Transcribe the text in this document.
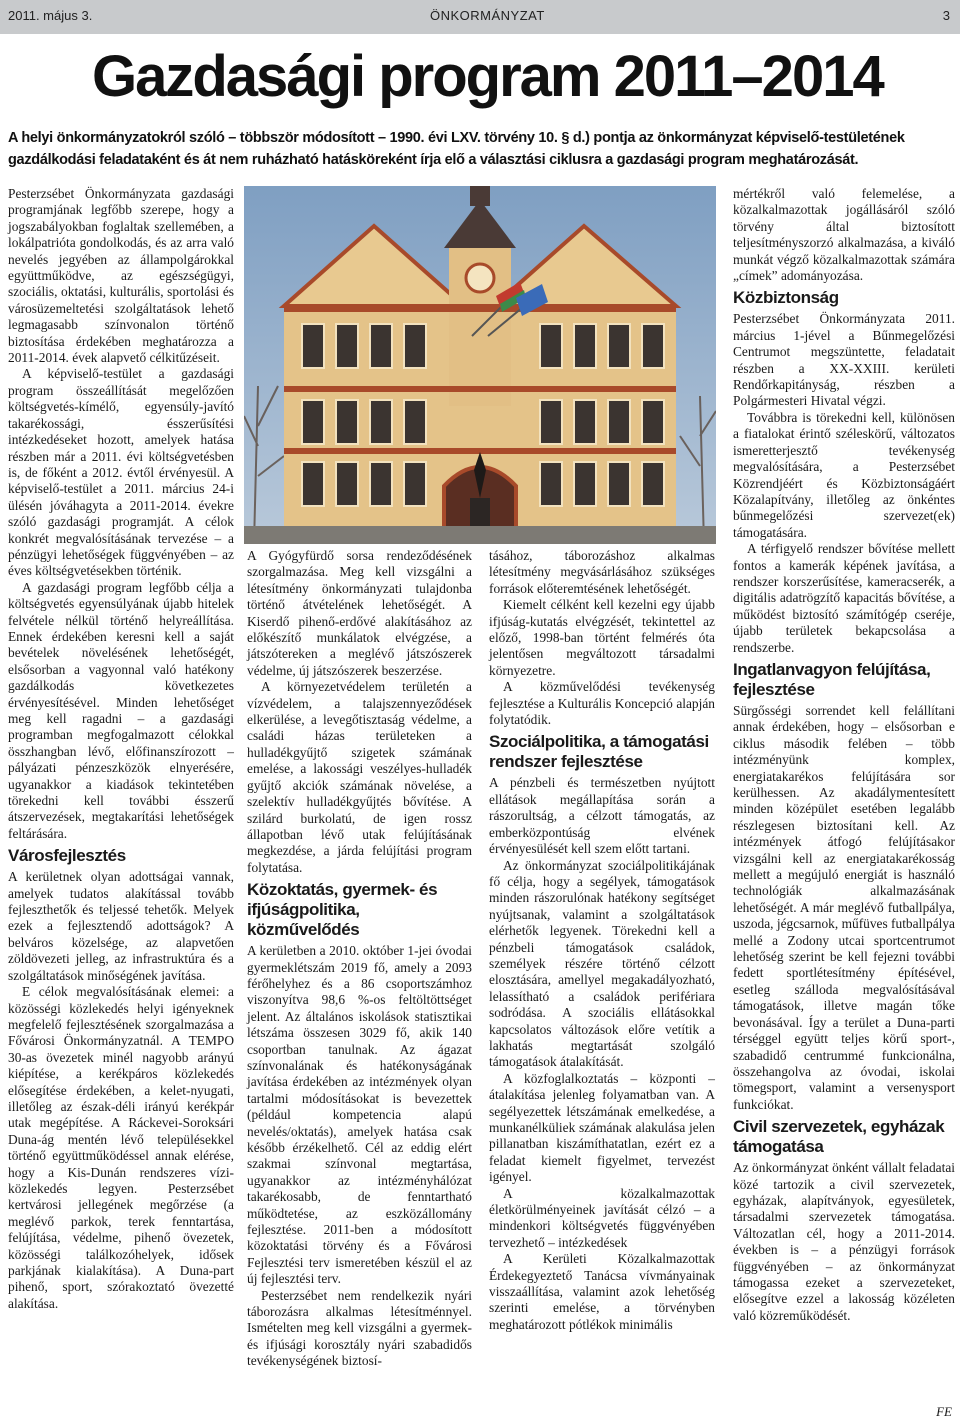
2011. május 3.	ÖNKORMÁNYZAT	3
Gazdasági program 2011–2014

A helyi önkormányzatokról szóló – többször módosított – 1990. évi LXV. törvény 10. § d.) pontja az önkormányzat képviselő-testületének gazdálkodási feladataként és át nem ruházható hatásköreként írja elő a választási ciklusra a gazdasági program meghatározását.

Pesterzsébet Önkormányzata gazdasági programjának legfőbb szerepe, hogy a jogszabályokban foglaltak szellemében, a lokálpatrióta gondolkodás, és az arra való nevelés jegyében az állampolgárokkal együttműködve, az egészségügyi, szociális, oktatási, kulturális, sportolási és városüzemeltetési szolgáltatások lehető legmagasabb színvonalon történő biztosítása érdekében meghatározza a 2011-2014. évek alapvető célkitűzéseit.

A képviselő-testület a gazdasági program összeállítását megelőzően költségvetés-kímélő, egyensúly-javító takarékossági, ésszerűsítési intézkedéseket hozott, amelyek hatása részben már a 2011. évi költségvetésben is, de főként a 2012. évtől érvényesül. A képviselő-testület a 2011. március 24-i ülésén jóváhagyta a 2011-2014. évekre szóló gazdasági programját. A célok konkrét megvalósításának tervezése – a pénzügyi lehetőségek függvényében – az éves költségvetésekben történik.

A gazdasági program legfőbb célja a költségvetés egyensúlyának újabb hitelek felvétele nélkül történő helyreállítása. Ennek érdekében keresni kell a saját bevételek növelésének lehetőségét, elsősorban a vagyonnal való hatékony gazdálkodás következetes érvényesítésével. Minden lehetőséget meg kell ragadni – a gazdasági programban megfogalmazott célokkal összhangban lévő, előfinanszírozott – pályázati pénzeszközök elnyerésére, ugyanakkor a kiadások tekintetében törekedni kell további ésszerű átszervezések, megtakarítási lehetőségek feltárására.

Városfejlesztés

A kerületnek olyan adottságai vannak, amelyek tudatos alakítással tovább fejleszthetők és teljessé tehetők. Melyek ezek a fejlesztendő adottságok? A belváros közelsége, az alapvetően zöldövezeti jelleg, az infrastruktúra és a szolgáltatások minőségének javítása.

E célok megvalósításának elemei: a közösségi közlekedés helyi igényeknek megfelelő fejlesztésének szorgalmazása a Fővárosi Önkormányzatnál. A TEMPO 30-as övezetek minél nagyobb arányú kiépítése, a kerékpáros közlekedés elősegítése érdekében, a kelet-nyugati, illetőleg az észak-déli irányú kerékpár utak megépítése. A Ráckevei-Soroksári Duna-ág mentén lévő településekkel történő együttműködéssel annak elérése, hogy a Kis-Dunán rendszeres vízi-közlekedés legyen. Pesterzsébet kertvárosi jellegének megőrzése (a meglévő parkok, terek fenntartása, felújítása, védelme, pihenő övezetek, közösségi találkozóhelyek, idősek parkjának kialakítása). A Duna-part pihenő, sport, szórakoztató övezetté alakítása.

A Gyógyfürdő sorsa rendeződésének szorgalmazása. Meg kell vizsgálni a létesítmény önkormányzati tulajdonba történő átvételének lehetőségét. A Kiserdő pihenő-erdővé alakításához az előkészítő munkálatok elvégzése, a játszótereken a meglévő játszószerek védelme, új játszószerek beszerzése.

A környezetvédelem területén a vízvédelem, a talajszennyeződések elkerülése, a levegőtisztaság védelme, a családi házas területeken a hulladékgyűjtő szigetek számának emelése, a lakossági veszélyes-hulladék gyűjtő akciók számának növelése, a szelektív hulladékgyűjtés bővítése. A szilárd burkolatú, de igen rossz állapotban lévő utak felújításának megkezdése, a járda felújítási program folytatása.

Közoktatás, gyermek- és ifjúságpolitika, közművelődés

A kerületben a 2010. október 1-jei óvodai gyermeklétszám 2019 fő, amely a 2093 férőhelyhez és a 86 csoportszámhoz viszonyítva 98,6 %-os feltöltöttséget jelent. Az általános iskolások statisztikai létszáma összesen 3029 fő, akik 140 csoportban tanulnak. Az ágazat színvonalának és hatékonyságának javítása érdekében az intézmények olyan tartalmi módosításokat is bevezettek (például kompetencia alapú nevelés/oktatás), amelyek hatása csak később érzékelhető. Cél az eddig elért szakmai színvonal megtartása, ugyanakkor az intézményhálózat takarékosabb, de fenntartható működtetése, az eszközállomány fejlesztése. 2011-ben a módosított közoktatási törvény és a Fővárosi Fejlesztési terv ismeretében készül el az új fejlesztési terv.

Pesterzsébet nem rendelkezik nyári táborozásra alkalmas létesítménnyel. Ismételten meg kell vizsgálni a gyermek- és ifjúsági korosztály nyári szabadidős tevékenységének biztosí-

tásához, táborozáshoz alkalmas létesítmény megvásárlásához szükséges források előteremtésének lehetőségét.

Kiemelt célként kell kezelni egy újabb ifjúság-kutatás elvégzését, tekintettel az előző, 1998-ban történt felmérés óta jelentősen megváltozott társadalmi környezetre.

A közművelődési tevékenység fejlesztése a Kulturális Koncepció alapján folytatódik.

Szociálpolitika, a támogatási rendszer fejlesztése

A pénzbeli és természetben nyújtott ellátások megállapítása során a rászorultság, a célzott támogatás, az emberközpontúság elvének érvényesülését kell szem előtt tartani.

Az önkormányzat szociálpolitikájának fő célja, hogy a segélyek, támogatások minden rászorulónak hatékony segítséget nyújtsanak, valamint a szolgáltatások elérhetők legyenek. Törekedni kell a pénzbeli támogatások családok, személyek részére történő célzott elosztására, amellyel megakadályozható, lelassítható a családok perifériara sodródása. A szociális ellátásokkal kapcsolatos változások előre vetítik a lakhatás megtartását szolgáló támogatások átalakítását.

A közfoglalkoztatás – központi – átalakítása jelenleg folyamatban van. A segélyezettek létszámának emelkedése, a munkanélküliek számának alakulása jelen pillanatban kiszámíthatatlan, ezért ez a feladat kiemelt figyelmet, tervezést igényel.

A közalkalmazottak életkörülményeinek javítását célzó – a mindenkori költségvetés függvényében tervezhető – intézkedések

A Kerületi Közalkalmazottak Érdekegyeztető Tanácsa vívmányainak visszaállítása, valamint azok lehetőség szerinti emelése, a törvényben meghatározott pótlékok minimális

mértékről való felemelése, a közalkalmazottak jogállásáról szóló törvény által biztosított teljesítményszorzó alkalmazása, a kiváló munkát végző közalkalmazottak számára „címek” adományozása.

Közbiztonság

Pesterzsébet Önkormányzata 2011. március 1-jével a Bűnmegelőzési Centrumot megszüntette, feladatait részben a XX-XXIII. kerületi Rendőrkapitányság, részben a Polgármesteri Hivatal végzi.

Továbbra is törekedni kell, különösen a fiatalokat érintő széleskörű, változatos ismeretterjesztő tevékenység megvalósítására, a Pesterzsébet Közrendjéért és Közbiztonságáért Közalapítvány, illetőleg az önkéntes bűnmegelőzési szervezet(ek) támogatására.

A térfigyelő rendszer bővítése mellett fontos a kamerák képének javítása, a rendszer korszerűsítése, kameracserék, a digitális adatrögzítő kapacitás bővítése, a működést biztosító számítógép cseréje, újabb területek bekapcsolása a rendszerbe.

Ingatlanvagyon felújítása, fejlesztése

Sürgősségi sorrendet kell felállítani annak érdekében, hogy – elsősorban e ciklus második felében – több intézményünk komplex, energiatakarékos felújítására sor kerülhessen. Az akadálymentesített minden középület esetében legalább részlegesen biztosítani kell. Az intézmények átfogó felújításakor vizsgálni kell az energiatakarékosság mellett a megújuló energiát is használó technológiák alkalmazásának lehetőségét. A már meglévő futballpálya, uszoda, jégcsarnok, műfüves futballpálya mellé a Zodony utcai sportcentrumot lehetőség szerint be kell fejezni további fedett sportlétesítmény építésével, esetleg szálloda megvalósításával támogatások, illetve magán tőke bevonásával. Így a terület a Duna-parti térséggel együtt teljes körű sport-, szabadidő centrummé funkcionálna, összehangolva az óvodai, iskolai tömegsport, valamint a versenysport funkciókat.

Civil szervezetek, egyházak támogatása

Az önkormányzat önként vállalt feladatai közé tartozik a civil szervezetek, egyházak, alapítványok, egyesületek, társadalmi szervezetek támogatása. Változatlan cél, hogy a 2011-2014. években is – a pénzügyi források függvényében – az önkormányzat támogassa ezeket a szervezeteket, elősegítve ezzel a lakosság közéleten való közreműködését.

FE
